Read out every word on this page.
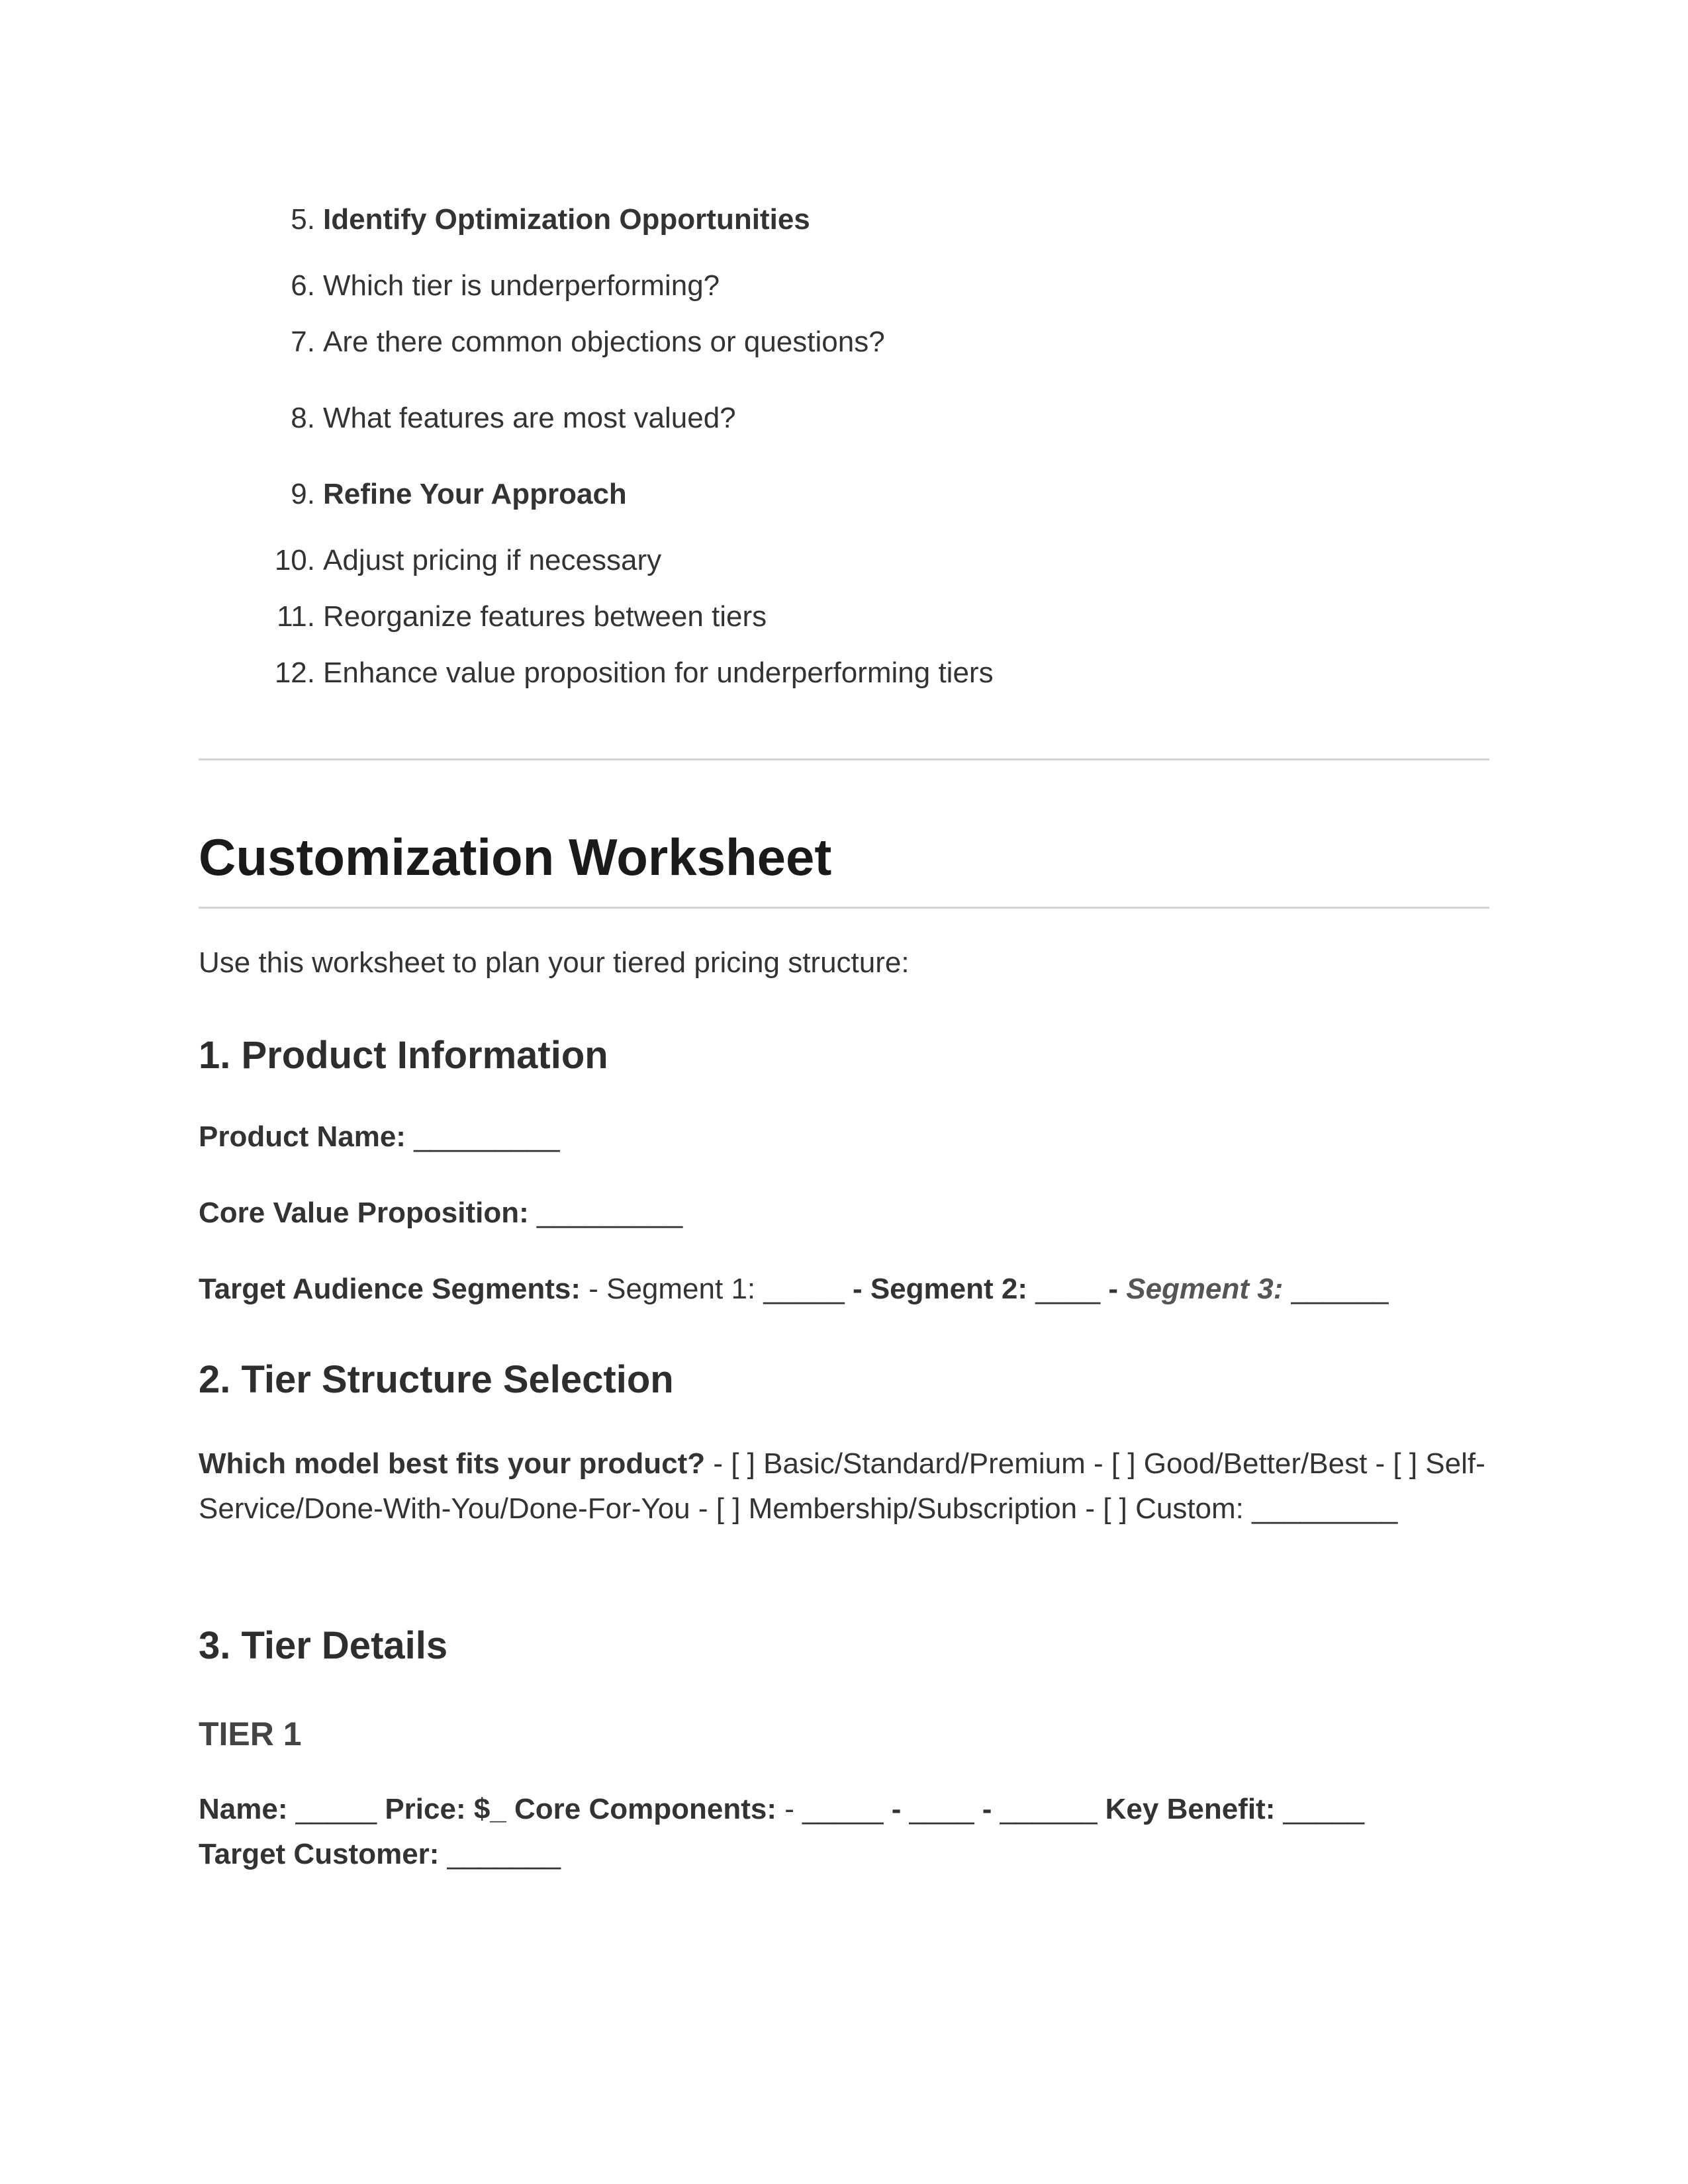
5. Identify Optimization Opportunities
6. Which tier is underperforming?
7. Are there common objections or questions?
8. What features are most valued?
9. Refine Your Approach
10. Adjust pricing if necessary
11. Reorganize features between tiers
12. Enhance value proposition for underperforming tiers
Customization Worksheet
Use this worksheet to plan your tiered pricing structure:
1. Product Information
Product Name: _________
Core Value Proposition: _________
Target Audience Segments: - Segment 1: _____ - Segment 2: ____ - Segment 3: ______
2. Tier Structure Selection
Which model best fits your product? - [ ] Basic/Standard/Premium - [ ] Good/Better/Best - [ ] Self-Service/Done-With-You/Done-For-You - [ ] Membership/Subscription - [ ] Custom: _________
3. Tier Details
TIER 1
Name: _____ Price: $_ Core Components: - _____ - ____ - ______ Key Benefit: _____
Target Customer: _______
